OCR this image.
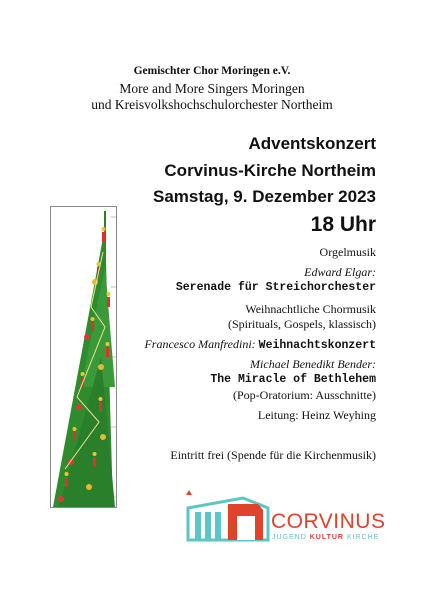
Gemischter Chor Moringen e.V.
More and More Singers Moringen
und Kreisvolkshochschulorchester Northeim
Adventskonzert
Corvinus-Kirche Northeim
Samstag, 9. Dezember 2023
18 Uhr
Orgelmusik
Edward Elgar:
Serenade für Streichorchester
Weihnachtliche Chormusik
(Spirituals, Gospels, klassisch)
Francesco Manfredini: Weihnachtskonzert
Michael Benedikt Bender:
The Miracle of Bethlehem
(Pop-Oratorium: Ausschnitte)
Leitung: Heinz Weyhing
Eintritt frei (Spende für die Kirchenmusik)
CORVINUS
JUGEND KULTUR KIRCHE
